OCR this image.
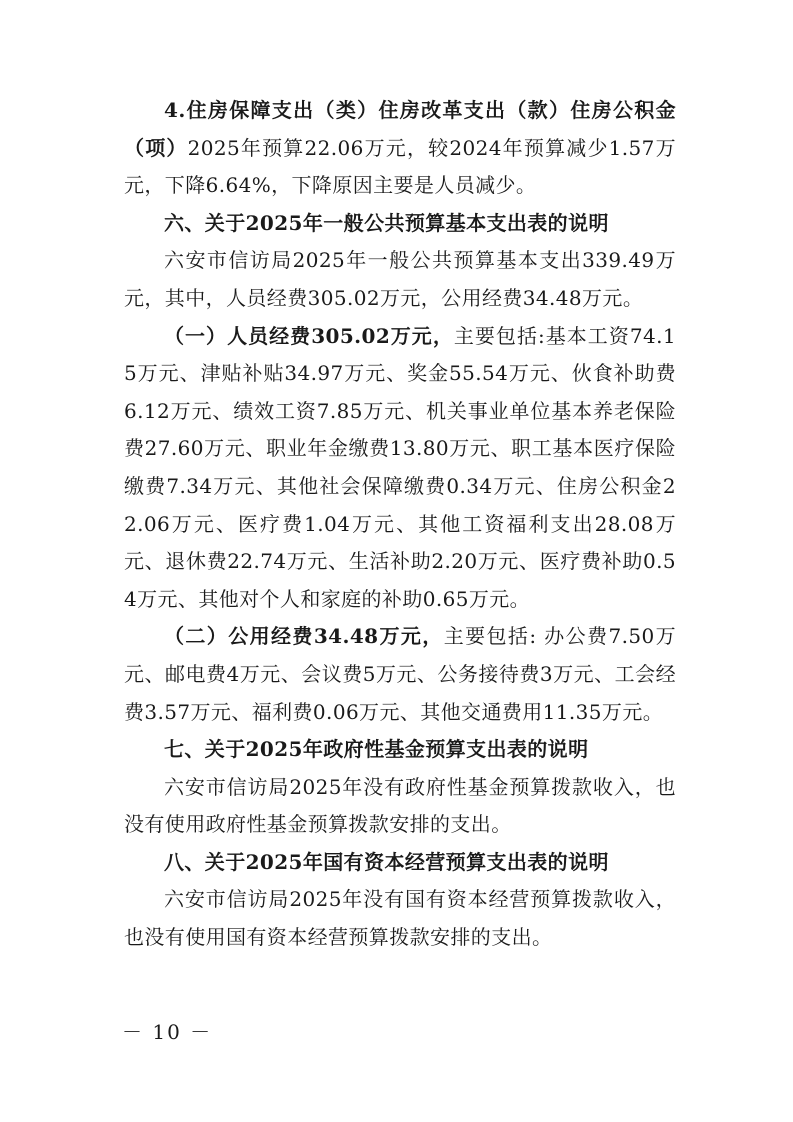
4.住房保障支出（类）住房改革支出（款）住房公积金（项）2025年预算22.06万元，较2024年预算减少1.57万元，下降6.64%，下降原因主要是人员减少。

六、关于2025年一般公共预算基本支出表的说明

六安市信访局2025年一般公共预算基本支出339.49万元，其中，人员经费305.02万元，公用经费34.48万元。

（一）人员经费305.02万元，主要包括:基本工资74.15万元、津贴补贴34.97万元、奖金55.54万元、伙食补助费6.12万元、绩效工资7.85万元、机关事业单位基本养老保险费27.60万元、职业年金缴费13.80万元、职工基本医疗保险缴费7.34万元、其他社会保障缴费0.34万元、住房公积金22.06万元、医疗费1.04万元、其他工资福利支出28.08万元、退休费22.74万元、生活补助2.20万元、医疗费补助0.54万元、其他对个人和家庭的补助0.65万元。

（二）公用经费34.48万元，主要包括: 办公费7.50万元、邮电费4万元、会议费5万元、公务接待费3万元、工会经费3.57万元、福利费0.06万元、其他交通费用11.35万元。

七、关于2025年政府性基金预算支出表的说明

六安市信访局2025年没有政府性基金预算拨款收入，也没有使用政府性基金预算拨款安排的支出。

八、关于2025年国有资本经营预算支出表的说明

六安市信访局2025年没有国有资本经营预算拨款收入，也没有使用国有资本经营预算拨款安排的支出。

－ 10 －
